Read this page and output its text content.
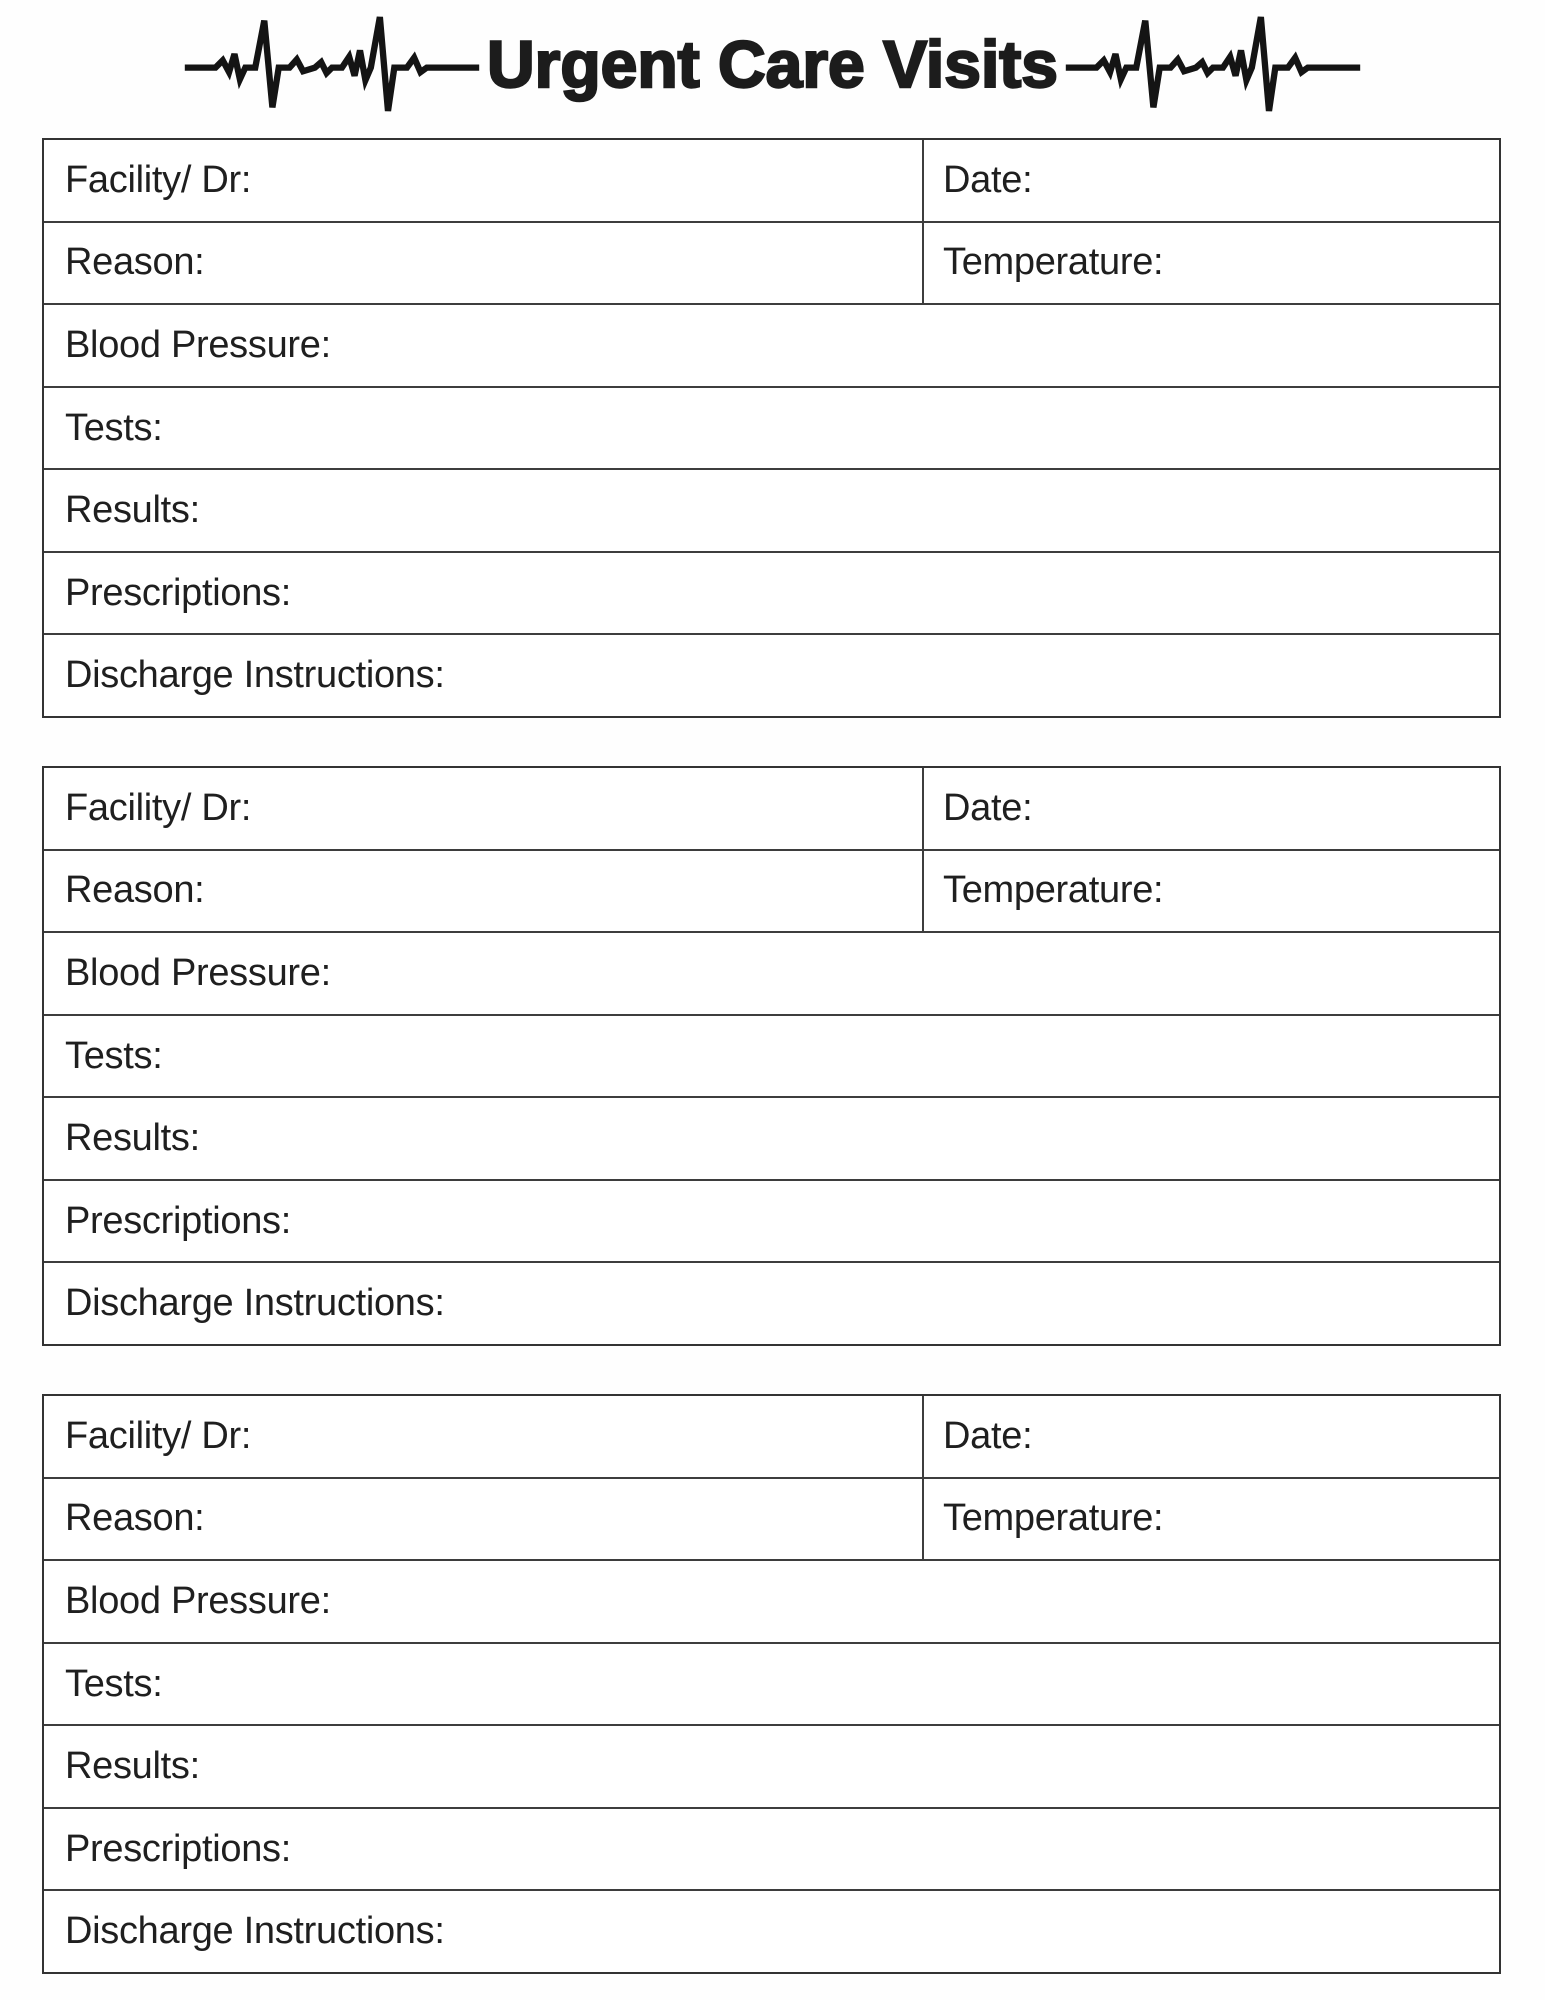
Urgent Care Visits
Facility/ Dr:	Date:
Reason:	Temperature:
Blood Pressure:
Tests:
Results:
Prescriptions:
Discharge Instructions:
Facility/ Dr:	Date:
Reason:	Temperature:
Blood Pressure:
Tests:
Results:
Prescriptions:
Discharge Instructions:
Facility/ Dr:	Date:
Reason:	Temperature:
Blood Pressure:
Tests:
Results:
Prescriptions:
Discharge Instructions:
